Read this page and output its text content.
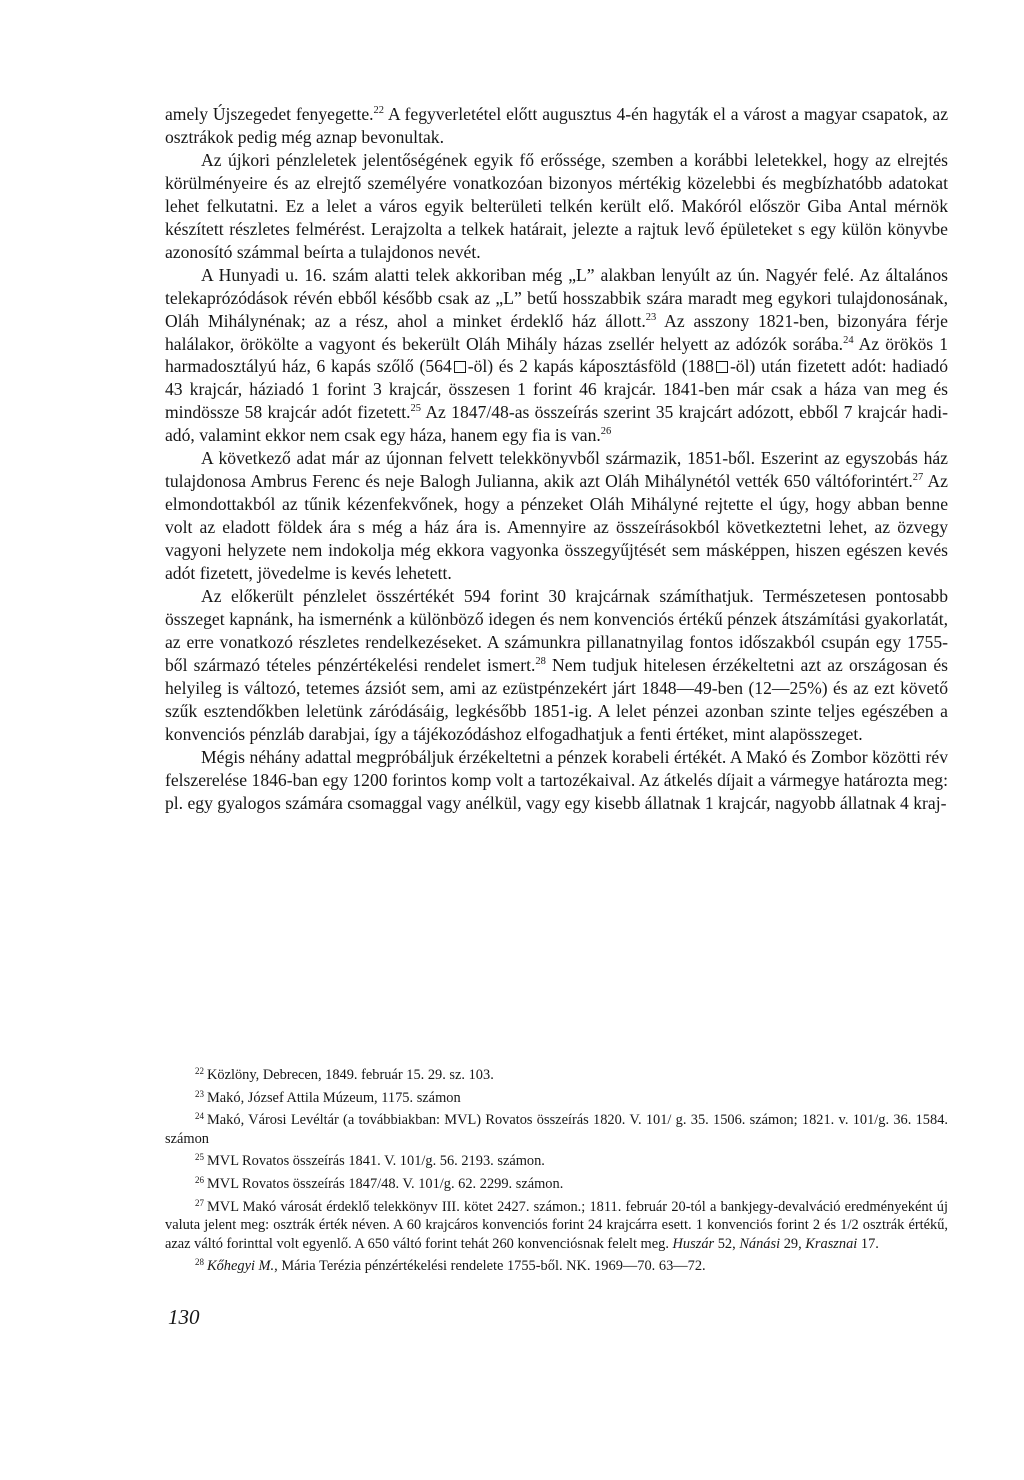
amely Újszegedet fenyegette.$^{22}$ A fegyverletétel előtt augusztus 4-én hagyták el a várost a magyar csapatok, az osztrákok pedig még aznap bevonultak.

Az újkori pénzleletek jelentőségének egyik fő erőssége, szemben a korábbi leletekkel, hogy az elrejtés körülményeire és az elrejtő személyére vonatkozóan bizonyos mértékig közelebbi és megbízhatóbb adatokat lehet felkutatni. Ez a lelet a város egyik belterületi telkén került elő. Makóról először Giba Antal mérnök készített részletes felmérést. Lerajzolta a telkek határait, jelezte a rajtuk levő épületeket s egy külön könyvbe azonosító számmal beírta a tulajdonos nevét.

A Hunyadi u. 16. szám alatti telek akkoriban még „L” alakban lenyúlt az ún. Nagyér felé. Az általános telekaprózódások révén ebből később csak az „L” betű hosszabbik szára maradt meg egykori tulajdonosának, Oláh Mihálynénak; az a rész, ahol a minket érdeklő ház állott.$^{23}$ Az asszony 1821-ben, bizonyára férje halálakor, örökölte a vagyont és bekerült Oláh Mihály házas zsellér helyett az adózók sorába.$^{24}$ Az örökös 1 harmadosztályú ház, 6 kapás szőlő (564 -öl) és 2 kapás káposztásföld (188 -öl) után fizetett adót: hadiadó 43 krajcár, háziadó 1 forint 3 krajcár, összesen 1 forint 46 krajcár. 1841-ben már csak a háza van meg és mindössze 58 krajcár adót fizetett.$^{25}$ Az 1847/48-as összeírás szerint 35 krajcárt adózott, ebből 7 krajcár hadiadó, valamint ekkor nem csak egy háza, hanem egy fia is van.$^{26}$

A következő adat már az újonnan felvett telekkönyvből származik, 1851-ből. Eszerint az egyszobás ház tulajdonosa Ambrus Ferenc és neje Balogh Julianna, akik azt Oláh Mihálynétól vették 650 váltóforintért.$^{27}$ Az elmondottakból az tűnik kézenfekvőnek, hogy a pénzeket Oláh Mihályné rejtette el úgy, hogy abban benne volt az eladott földek ára s még a ház ára is. Amennyire az összeírásokból következtetni lehet, az özvegy vagyoni helyzete nem indokolja még ekkora vagyonka összegyűjtését sem másképpen, hiszen egészen kevés adót fizetett, jövedelme is kevés lehetett.

Az előkerült pénzlelet összértékét 594 forint 30 krajcárnak számíthatjuk. Természetesen pontosabb összeget kapnánk, ha ismernénk a különböző idegen és nem konvenciós értékű pénzek átszámítási gyakorlatát, az erre vonatkozó részletes rendelkezéseket. A számunkra pillanatnyilag fontos időszakból csupán egy 1755-ből származó tételes pénzértékelési rendelet ismert.$^{28}$ Nem tudjuk hitelesen érzékeltetni azt az országosan és helyileg is változó, tetemes ázsiót sem, ami az ezüstpénzekért járt 1848—49-ben (12—25%) és az ezt követő szűk esztendőkben leletünk záródásáig, legkésőbb 1851-ig. A lelet pénzei azonban szinte teljes egészében a konvenciós pénzláb darabjai, így a tájékozódáshoz elfogadhatjuk a fenti értéket, mint alapösszeget.

Mégis néhány adattal megpróbáljuk érzékeltetni a pénzek korabeli értékét. A Makó és Zombor közötti rév felszerelése 1846-ban egy 1200 forintos komp volt a tartozékaival. Az átkelés díjait a vármegye határozta meg: pl. egy gyalogos számára csomaggal vagy anélkül, vagy egy kisebb állatnak 1 krajcár, nagyobb állatnak 4 kraj-

$^{22}$ Közlöny, Debrecen, 1849. február 15. 29. sz. 103.

$^{23}$ Makó, József Attila Múzeum, 1175. számon

$^{24}$ Makó, Városi Levéltár (a továbbiakban: MVL) Rovatos összeírás 1820. V. 101/ g. 35. 1506. számon; 1821. v. 101/g. 36. 1584. számon

$^{25}$ MVL Rovatos összeírás 1841. V. 101/g. 56. 2193. számon.

$^{26}$ MVL Rovatos összeírás 1847/48. V. 101/g. 62. 2299. számon.

$^{27}$ MVL Makó városát érdeklő telekkönyv III. kötet 2427. számon.; 1811. február 20-tól a bankjegy-devalváció eredményeként új valuta jelent meg: osztrák érték néven. A 60 krajcáros konvenciós forint 24 krajcárra esett. 1 konvenciós forint 2 és 1/2 osztrák értékű, azaz váltó forinttal volt egyenlő. A 650 váltó forint tehát 260 konvenciósnak felelt meg. Huszár 52, Nánási 29, Krasznai 17.

$^{28}$ Kőhegyi M., Mária Terézia pénzértékelési rendelete 1755-ből. NK. 1969—70. 63—72.

130
